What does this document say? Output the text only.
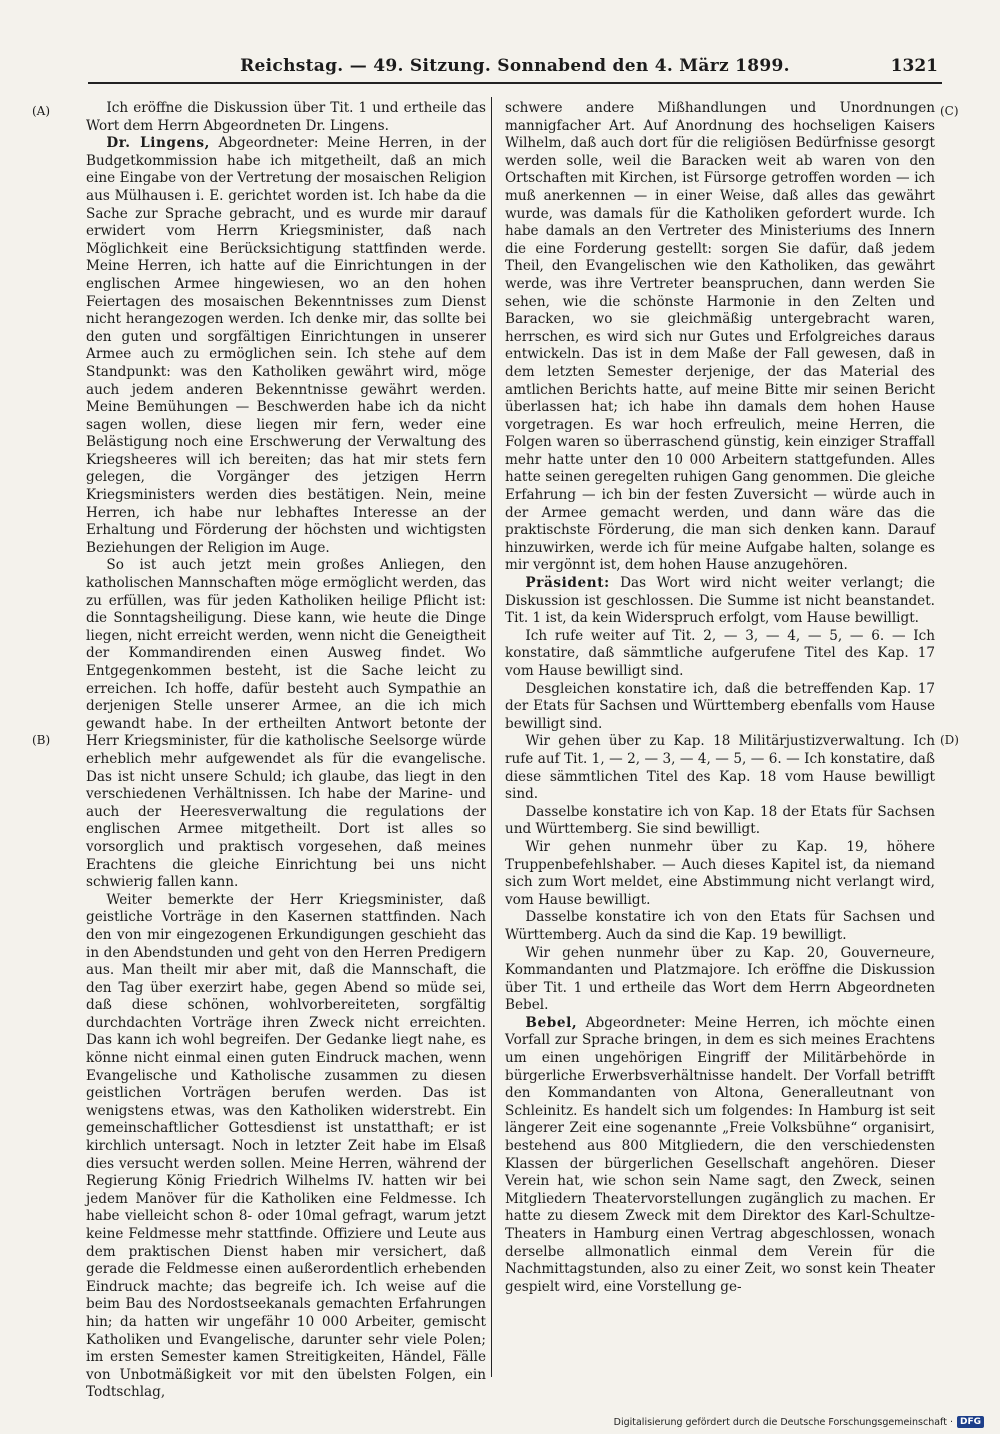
Reichstag. — 49. Sitzung. Sonnabend den 4. März 1899.	1321
(A)
(B)
(C)
(D)

Ich eröffne die Diskussion über Tit. 1 und ertheile das Wort dem Herrn Abgeordneten Dr. Lingens.

Dr. Lingens, Abgeordneter: Meine Herren, in der Budgetkommission habe ich mitgetheilt, daß an mich eine Eingabe von der Vertretung der mosaischen Religion aus Mülhausen i. E. gerichtet worden ist. Ich habe da die Sache zur Sprache gebracht, und es wurde mir darauf erwidert vom Herrn Kriegsminister, daß nach Möglichkeit eine Berücksichtigung stattfinden werde. Meine Herren, ich hatte auf die Einrichtungen in der englischen Armee hingewiesen, wo an den hohen Feiertagen des mosaischen Bekenntnisses zum Dienst nicht herangezogen werden. Ich denke mir, das sollte bei den guten und sorgfältigen Einrichtungen in unserer Armee auch zu ermöglichen sein. Ich stehe auf dem Standpunkt: was den Katholiken gewährt wird, möge auch jedem anderen Bekenntnisse gewährt werden. Meine Bemühungen — Beschwerden habe ich da nicht sagen wollen, diese liegen mir fern, weder eine Belästigung noch eine Erschwerung der Verwaltung des Kriegsheeres will ich bereiten; das hat mir stets fern gelegen, die Vorgänger des jetzigen Herrn Kriegsministers werden dies bestätigen. Nein, meine Herren, ich habe nur lebhaftes Interesse an der Erhaltung und Förderung der höchsten und wichtigsten Beziehungen der Religion im Auge.

So ist auch jetzt mein großes Anliegen, den katholischen Mannschaften möge ermöglicht werden, das zu erfüllen, was für jeden Katholiken heilige Pflicht ist: die Sonntagsheiligung. Diese kann, wie heute die Dinge liegen, nicht erreicht werden, wenn nicht die Geneigtheit der Kommandirenden einen Ausweg findet. Wo Entgegenkommen besteht, ist die Sache leicht zu erreichen. Ich hoffe, dafür besteht auch Sympathie an derjenigen Stelle unserer Armee, an die ich mich gewandt habe. In der ertheilten Antwort betonte der Herr Kriegsminister, für die katholische Seelsorge würde erheblich mehr aufgewendet als für die evangelische. Das ist nicht unsere Schuld; ich glaube, das liegt in den verschiedenen Verhältnissen. Ich habe der Marine- und auch der Heeresverwaltung die regulations der englischen Armee mitgetheilt. Dort ist alles so vorsorglich und praktisch vorgesehen, daß meines Erachtens die gleiche Einrichtung bei uns nicht schwierig fallen kann.

Weiter bemerkte der Herr Kriegsminister, daß geistliche Vorträge in den Kasernen stattfinden. Nach den von mir eingezogenen Erkundigungen geschieht das in den Abendstunden und geht von den Herren Predigern aus. Man theilt mir aber mit, daß die Mannschaft, die den Tag über exerzirt habe, gegen Abend so müde sei, daß diese schönen, wohlvorbereiteten, sorgfältig durchdachten Vorträge ihren Zweck nicht erreichten. Das kann ich wohl begreifen. Der Gedanke liegt nahe, es könne nicht einmal einen guten Eindruck machen, wenn Evangelische und Katholische zusammen zu diesen geistlichen Vorträgen berufen werden. Das ist wenigstens etwas, was den Katholiken widerstrebt. Ein gemeinschaftlicher Gottesdienst ist unstatthaft; er ist kirchlich untersagt. Noch in letzter Zeit habe im Elsaß dies versucht werden sollen. Meine Herren, während der Regierung König Friedrich Wilhelms IV. hatten wir bei jedem Manöver für die Katholiken eine Feldmesse. Ich habe vielleicht schon 8- oder 10mal gefragt, warum jetzt keine Feldmesse mehr stattfinde. Offiziere und Leute aus dem praktischen Dienst haben mir versichert, daß gerade die Feldmesse einen außerordentlich erhebenden Eindruck machte; das begreife ich. Ich weise auf die beim Bau des Nordostseekanals gemachten Erfahrungen hin; da hatten wir ungefähr 10 000 Arbeiter, gemischt Katholiken und Evangelische, darunter sehr viele Polen; im ersten Semester kamen Streitigkeiten, Händel, Fälle von Unbotmäßigkeit vor mit den übelsten Folgen, ein Todtschlag,

schwere andere Mißhandlungen und Unordnungen mannigfacher Art. Auf Anordnung des hochseligen Kaisers Wilhelm, daß auch dort für die religiösen Bedürfnisse gesorgt werden solle, weil die Baracken weit ab waren von den Ortschaften mit Kirchen, ist Fürsorge getroffen worden — ich muß anerkennen — in einer Weise, daß alles das gewährt wurde, was damals für die Katholiken gefordert wurde. Ich habe damals an den Vertreter des Ministeriums des Innern die eine Forderung gestellt: sorgen Sie dafür, daß jedem Theil, den Evangelischen wie den Katholiken, das gewährt werde, was ihre Vertreter beanspruchen, dann werden Sie sehen, wie die schönste Harmonie in den Zelten und Baracken, wo sie gleichmäßig untergebracht waren, herrschen, es wird sich nur Gutes und Erfolgreiches daraus entwickeln. Das ist in dem Maße der Fall gewesen, daß in dem letzten Semester derjenige, der das Material des amtlichen Berichts hatte, auf meine Bitte mir seinen Bericht überlassen hat; ich habe ihn damals dem hohen Hause vorgetragen. Es war hoch erfreulich, meine Herren, die Folgen waren so überraschend günstig, kein einziger Straffall mehr hatte unter den 10 000 Arbeitern stattgefunden. Alles hatte seinen geregelten ruhigen Gang genommen. Die gleiche Erfahrung — ich bin der festen Zuversicht — würde auch in der Armee gemacht werden, und dann wäre das die praktischste Förderung, die man sich denken kann. Darauf hinzuwirken, werde ich für meine Aufgabe halten, solange es mir vergönnt ist, dem hohen Hause anzugehören.

Präsident: Das Wort wird nicht weiter verlangt; die Diskussion ist geschlossen. Die Summe ist nicht beanstandet. Tit. 1 ist, da kein Widerspruch erfolgt, vom Hause bewilligt.

Ich rufe weiter auf Tit. 2, — 3, — 4, — 5, — 6. — Ich konstatire, daß sämmtliche aufgerufene Titel des Kap. 17 vom Hause bewilligt sind.

Desgleichen konstatire ich, daß die betreffenden Kap. 17 der Etats für Sachsen und Württemberg ebenfalls vom Hause bewilligt sind.

Wir gehen über zu Kap. 18 Militärjustizverwaltung. Ich rufe auf Tit. 1, — 2, — 3, — 4, — 5, — 6. — Ich konstatire, daß diese sämmtlichen Titel des Kap. 18 vom Hause bewilligt sind.

Dasselbe konstatire ich von Kap. 18 der Etats für Sachsen und Württemberg. Sie sind bewilligt.

Wir gehen nunmehr über zu Kap. 19, höhere Truppenbefehlshaber. — Auch dieses Kapitel ist, da niemand sich zum Wort meldet, eine Abstimmung nicht verlangt wird, vom Hause bewilligt.

Dasselbe konstatire ich von den Etats für Sachsen und Württemberg. Auch da sind die Kap. 19 bewilligt.

Wir gehen nunmehr über zu Kap. 20, Gouverneure, Kommandanten und Platzmajore. Ich eröffne die Diskussion über Tit. 1 und ertheile das Wort dem Herrn Abgeordneten Bebel.

Bebel, Abgeordneter: Meine Herren, ich möchte einen Vorfall zur Sprache bringen, in dem es sich meines Erachtens um einen ungehörigen Eingriff der Militärbehörde in bürgerliche Erwerbsverhältnisse handelt. Der Vorfall betrifft den Kommandanten von Altona, Generalleutnant von Schleinitz. Es handelt sich um folgendes: In Hamburg ist seit längerer Zeit eine sogenannte „Freie Volksbühne“ organisirt, bestehend aus 800 Mitgliedern, die den verschiedensten Klassen der bürgerlichen Gesellschaft angehören. Dieser Verein hat, wie schon sein Name sagt, den Zweck, seinen Mitgliedern Theatervorstellungen zugänglich zu machen. Er hatte zu diesem Zweck mit dem Direktor des Karl-Schultze-Theaters in Hamburg einen Vertrag abgeschlossen, wonach derselbe allmonatlich einmal dem Verein für die Nachmittagstunden, also zu einer Zeit, wo sonst kein Theater gespielt wird, eine Vorstellung ge-

Digitalisierung gefördert durch die Deutsche Forschungsgemeinschaft · DFG
